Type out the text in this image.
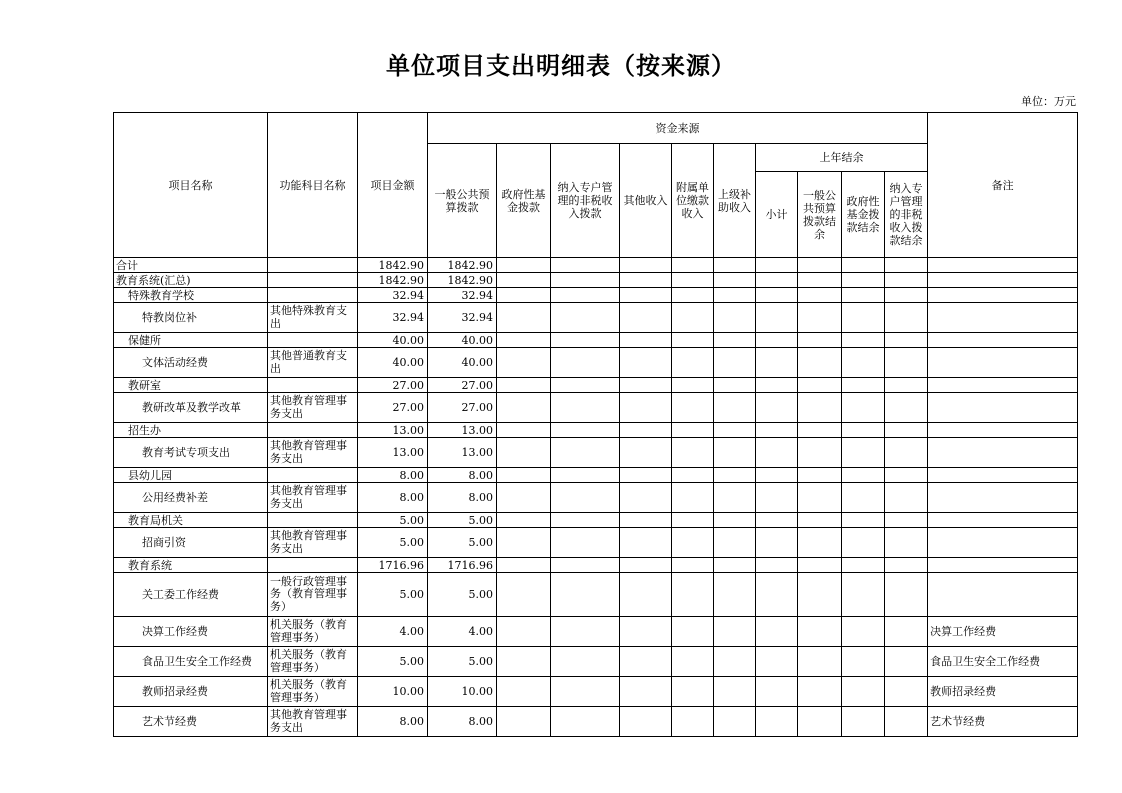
单位项目支出明细表（按来源）
单位：万元
项目名称	功能科目名称	项目金额	资金来源										备注
			一般公共预算拨款	政府性基金拨款	纳入专户管理的非税收入拨款	其他收入	附属单位缴款收入	上级补助收入	上年结余				
									小计	一般公共预算拨款结余	政府性基金拨款结余	纳入专户管理的非税收入拨款结余	
合计		1842.90	1842.90										
教育系统(汇总)		1842.90	1842.90										
特殊教育学校		32.94	32.94										
特教岗位补	其他特殊教育支出	32.94	32.94										
保健所		40.00	40.00										
文体活动经费	其他普通教育支出	40.00	40.00										
教研室		27.00	27.00										
教研改革及教学改革	其他教育管理事务支出	27.00	27.00										
招生办		13.00	13.00										
教育考试专项支出	其他教育管理事务支出	13.00	13.00										
县幼儿园		8.00	8.00										
公用经费补差	其他教育管理事务支出	8.00	8.00										
教育局机关		5.00	5.00										
招商引资	其他教育管理事务支出	5.00	5.00										
教育系统		1716.96	1716.96										
关工委工作经费	一般行政管理事务（教育管理事务）	5.00	5.00										
决算工作经费	机关服务（教育管理事务）	4.00	4.00										决算工作经费
食品卫生安全工作经费	机关服务（教育管理事务）	5.00	5.00										食品卫生安全工作经费
教师招录经费	机关服务（教育管理事务）	10.00	10.00										教师招录经费
艺术节经费	其他教育管理事务支出	8.00	8.00										艺术节经费
